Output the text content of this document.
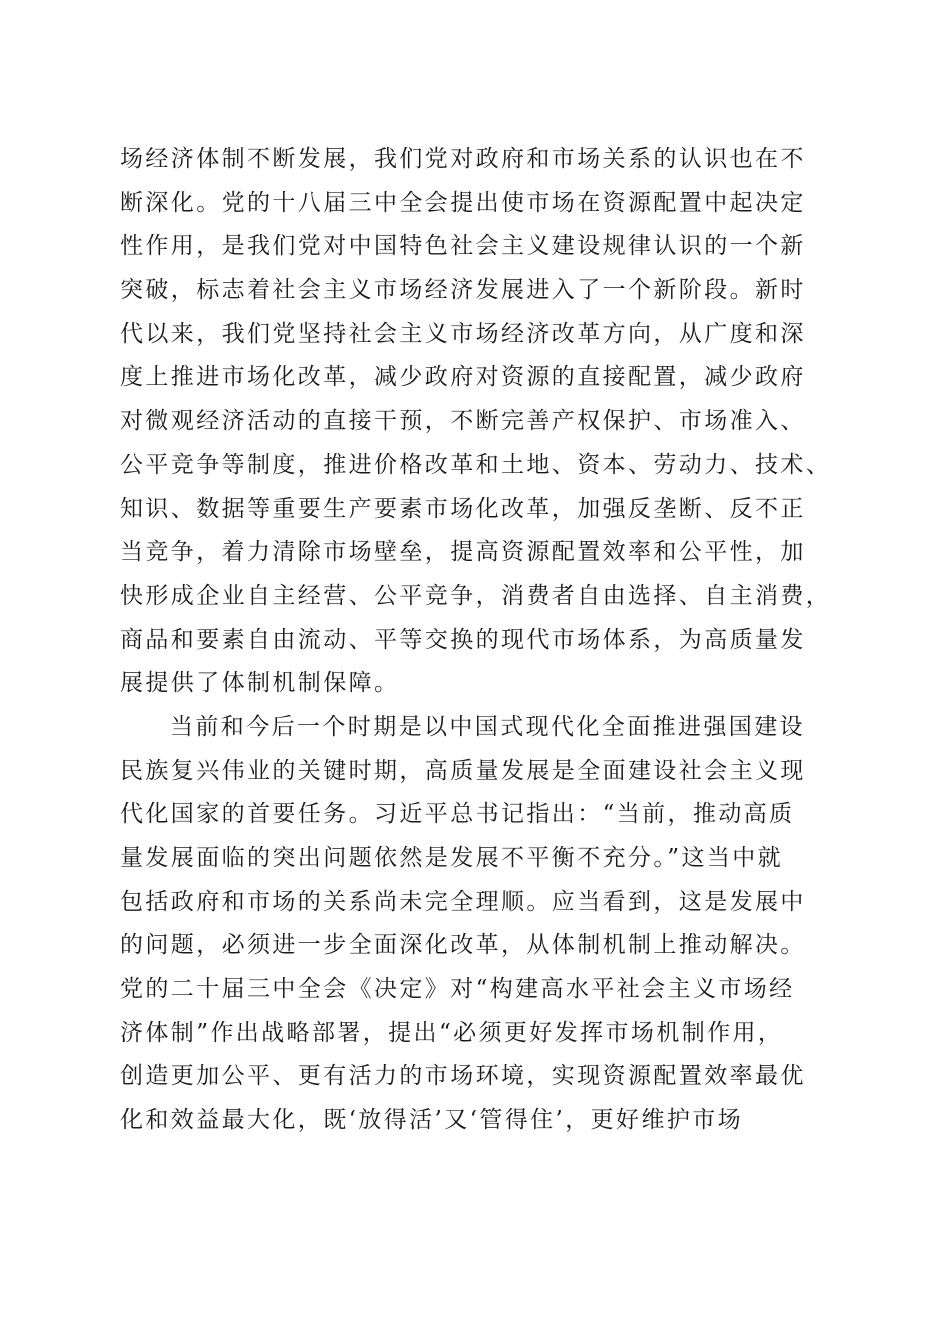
场经济体制不断发展，我们党对政府和市场关系的认识也在不
断深化。党的十八届三中全会提出使市场在资源配置中起决定
性作用，是我们党对中国特色社会主义建设规律认识的一个新
突破，标志着社会主义市场经济发展进入了一个新阶段。新时
代以来，我们党坚持社会主义市场经济改革方向，从广度和深
度上推进市场化改革，减少政府对资源的直接配置，减少政府
对微观经济活动的直接干预，不断完善产权保护、市场准入、
公平竞争等制度，推进价格改革和土地、资本、劳动力、技术、
知识、数据等重要生产要素市场化改革，加强反垄断、反不正
当竞争，着力清除市场壁垒，提高资源配置效率和公平性，加
快形成企业自主经营、公平竞争，消费者自由选择、自主消费，
商品和要素自由流动、平等交换的现代市场体系，为高质量发
展提供了体制机制保障。
当前和今后一个时期是以中国式现代化全面推进强国建设
民族复兴伟业的关键时期，高质量发展是全面建设社会主义现
代化国家的首要任务。习近平总书记指出：“当前，推动高质
量发展面临的突出问题依然是发展不平衡不充分。”这当中就
包括政府和市场的关系尚未完全理顺。应当看到，这是发展中
的问题，必须进一步全面深化改革，从体制机制上推动解决。
党的二十届三中全会《决定》对“构建高水平社会主义市场经
济体制”作出战略部署，提出“必须更好发挥市场机制作用，
创造更加公平、更有活力的市场环境，实现资源配置效率最优
化和效益最大化，既‘放得活’又‘管得住’，更好维护市场
